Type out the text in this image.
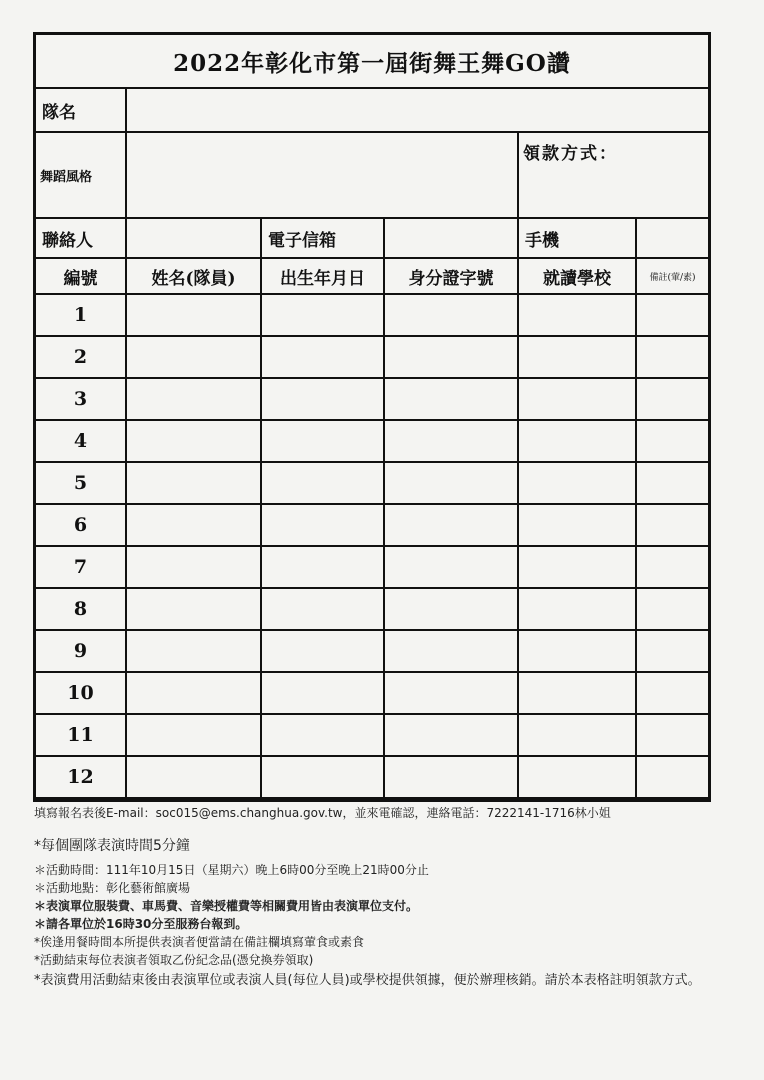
2022年彰化市第一屆街舞王舞GO讚					
隊名					
舞蹈風格				領款方式：	
聯絡人		電子信箱		手機	
編號	姓名(隊員)	出生年月日	身分證字號	就讀學校	備註(葷/素)
1					
2					
3					
4					
5					
6					
7					
8					
9					
10					
11					
12					
填寫報名表後E-mail：soc015@ems.changhua.gov.tw，並來電確認，連絡電話：7222141-1716林小姐
*每個團隊表演時間5分鐘
＊活動時間：111年10月15日（星期六）晚上6時00分至晚上21時00分止
＊活動地點：彰化藝術館廣場
＊表演單位服裝費、車馬費、音樂授權費等相關費用皆由表演單位支付。
＊請各單位於16時30分至服務台報到。
*俟逢用餐時間本所提供表演者便當請在備註欄填寫葷食或素食
*活動結束每位表演者領取乙份紀念品(憑兌換券領取)
*表演費用活動結束後由表演單位或表演人員(每位人員)或學校提供領據，便於辦理核銷。請於本表格註明領款方式。
